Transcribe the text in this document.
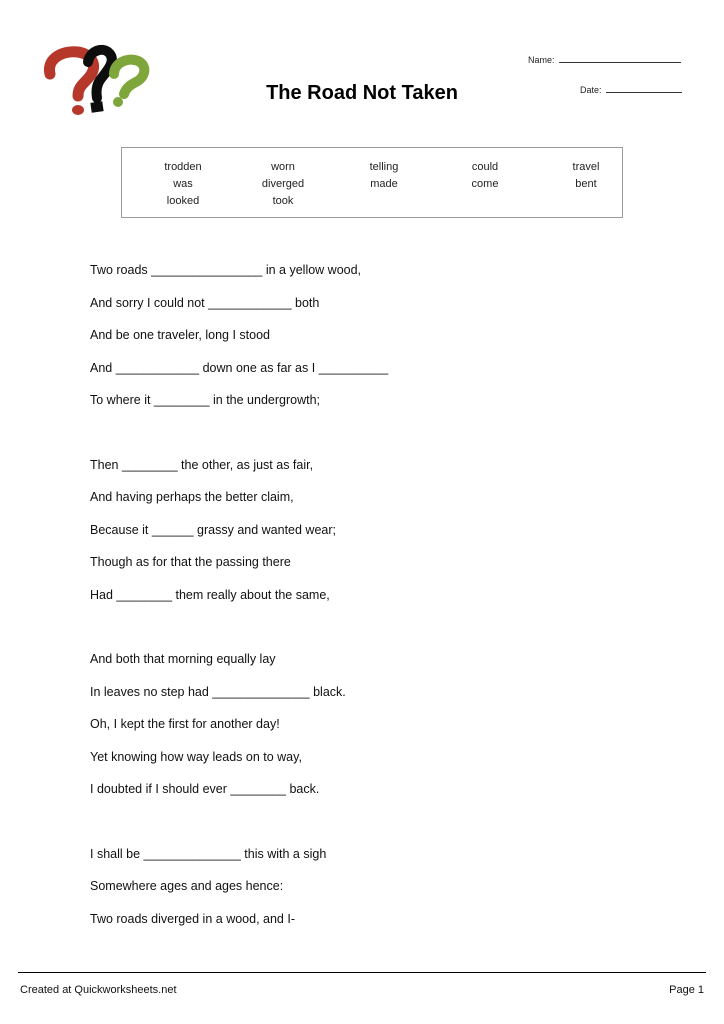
The Road Not Taken
Name:
Date:
trodden
was
looked
worn
diverged
took
telling
made
could
come
travel
bent
Two roads ________________ in a yellow wood,
And sorry I could not ____________ both
And be one traveler, long I stood
And ____________ down one as far as I __________
To where it ________ in the undergrowth;
Then ________ the other, as just as fair,
And having perhaps the better claim,
Because it ______ grassy and wanted wear;
Though as for that the passing there
Had ________ them really about the same,
And both that morning equally lay
In leaves no step had ______________ black.
Oh, I kept the first for another day!
Yet knowing how way leads on to way,
I doubted if I should ever ________ back.
I shall be ______________ this with a sigh
Somewhere ages and ages hence:
Two roads diverged in a wood, and I-
Created at Quickworksheets.net	Page 1
